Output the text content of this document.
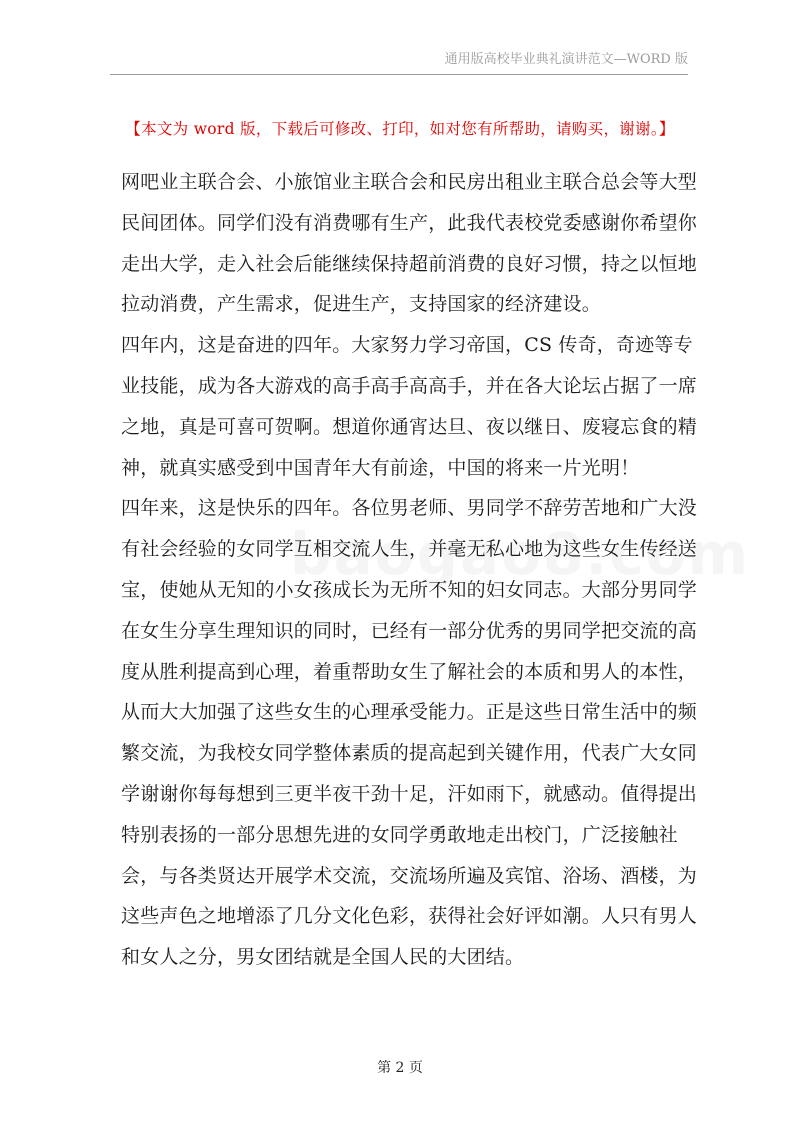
通用版高校毕业典礼演讲范文—WORD 版
【本文为 word 版，下载后可修改、打印，如对您有所帮助，请购买，谢谢。】
网吧业主联合会、小旅馆业主联合会和民房出租业主联合总会等大型
民间团体。同学们没有消费哪有生产，此我代表校党委感谢你希望你
走出大学，走入社会后能继续保持超前消费的良好习惯，持之以恒地
拉动消费，产生需求，促进生产，支持国家的经济建设。
四年内，这是奋进的四年。大家努力学习帝国，CS 传奇，奇迹等专
业技能，成为各大游戏的高手高手高高手，并在各大论坛占据了一席
之地，真是可喜可贺啊。想道你通宵达旦、夜以继日、废寝忘食的精
神，就真实感受到中国青年大有前途，中国的将来一片光明！
四年来，这是快乐的四年。各位男老师、男同学不辞劳苦地和广大没
有社会经验的女同学互相交流人生，并毫无私心地为这些女生传经送
宝，使她从无知的小女孩成长为无所不知的妇女同志。大部分男同学
在女生分享生理知识的同时，已经有一部分优秀的男同学把交流的高
度从胜利提高到心理，着重帮助女生了解社会的本质和男人的本性，
从而大大加强了这些女生的心理承受能力。正是这些日常生活中的频
繁交流，为我校女同学整体素质的提高起到关键作用，代表广大女同
学谢谢你每每想到三更半夜干劲十足，汗如雨下，就感动。值得提出
特别表扬的一部分思想先进的女同学勇敢地走出校门，广泛接触社
会，与各类贤达开展学术交流，交流场所遍及宾馆、浴场、酒楼，为
这些声色之地增添了几分文化色彩，获得社会好评如潮。人只有男人
和女人之分，男女团结就是全国人民的大团结。
第 2 页
